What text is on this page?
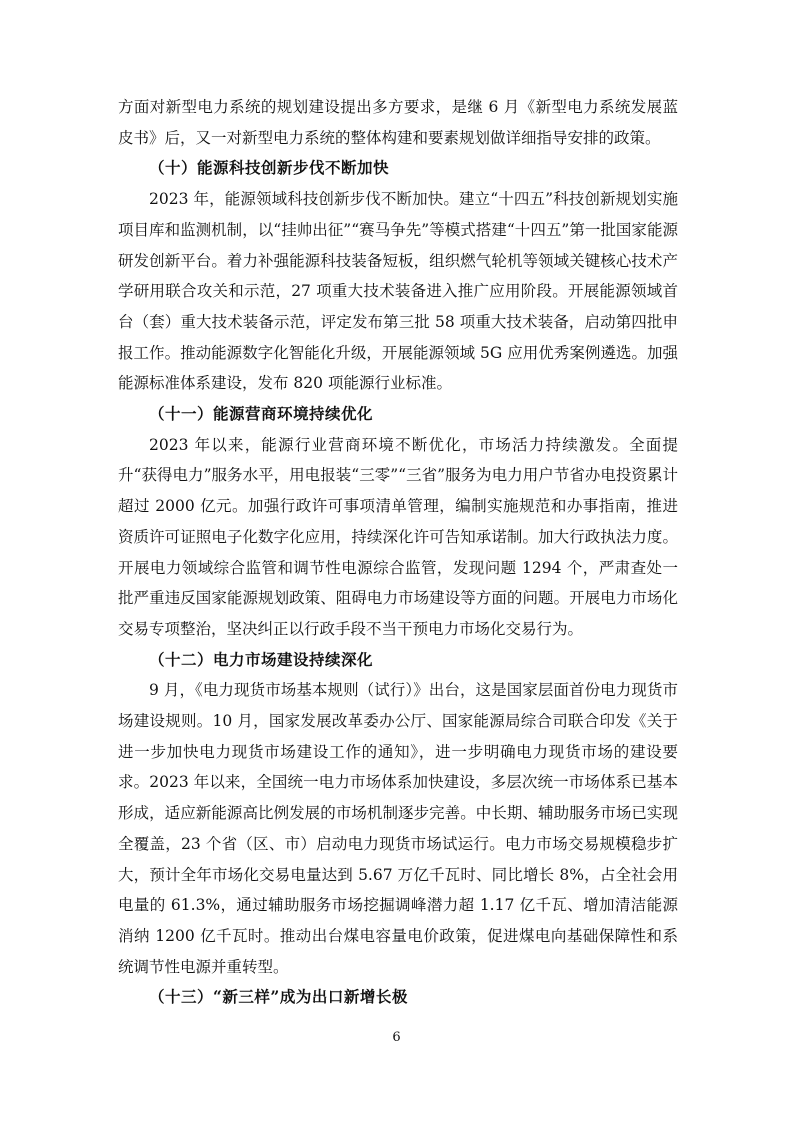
方面对新型电力系统的规划建设提出多方要求，是继 6 月《新型电力系统发展蓝皮书》后，又一对新型电力系统的整体构建和要素规划做详细指导安排的政策。

（十）能源科技创新步伐不断加快

2023 年，能源领域科技创新步伐不断加快。建立“十四五”科技创新规划实施项目库和监测机制，以“挂帅出征”“赛马争先”等模式搭建“十四五”第一批国家能源研发创新平台。着力补强能源科技装备短板，组织燃气轮机等领域关键核心技术产学研用联合攻关和示范，27 项重大技术装备进入推广应用阶段。开展能源领域首台（套）重大技术装备示范，评定发布第三批 58 项重大技术装备，启动第四批申报工作。推动能源数字化智能化升级，开展能源领域 5G 应用优秀案例遴选。加强能源标准体系建设，发布 820 项能源行业标准。

（十一）能源营商环境持续优化

2023 年以来，能源行业营商环境不断优化，市场活力持续激发。全面提升“获得电力”服务水平，用电报装“三零”“三省”服务为电力用户节省办电投资累计超过 2000 亿元。加强行政许可事项清单管理，编制实施规范和办事指南，推进资质许可证照电子化数字化应用，持续深化许可告知承诺制。加大行政执法力度。开展电力领域综合监管和调节性电源综合监管，发现问题 1294 个，严肃查处一批严重违反国家能源规划政策、阻碍电力市场建设等方面的问题。开展电力市场化交易专项整治，坚决纠正以行政手段不当干预电力市场化交易行为。

（十二）电力市场建设持续深化

9 月，《电力现货市场基本规则（试行）》出台，这是国家层面首份电力现货市场建设规则。10 月，国家发展改革委办公厅、国家能源局综合司联合印发《关于进一步加快电力现货市场建设工作的通知》，进一步明确电力现货市场的建设要求。2023 年以来，全国统一电力市场体系加快建设，多层次统一市场体系已基本形成，适应新能源高比例发展的市场机制逐步完善。中长期、辅助服务市场已实现全覆盖，23 个省（区、市）启动电力现货市场试运行。电力市场交易规模稳步扩大，预计全年市场化交易电量达到 5.67 万亿千瓦时、同比增长 8%，占全社会用电量的 61.3%，通过辅助服务市场挖掘调峰潜力超 1.17 亿千瓦、增加清洁能源消纳 1200 亿千瓦时。推动出台煤电容量电价政策，促进煤电向基础保障性和系统调节性电源并重转型。

（十三）“新三样”成为出口新增长极
6
